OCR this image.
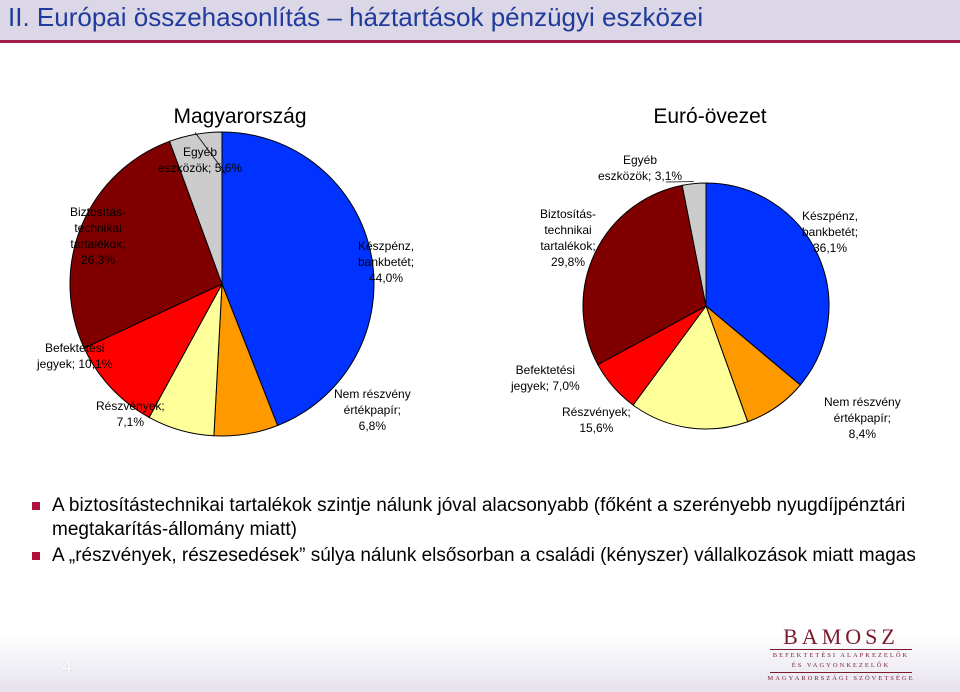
II. Európai összehasonlítás – háztartások pénzügyi eszközei
Magyarország
Készpénz,
bankbetét;
44,0%
Nem részvény
értékpapír;
6,8%
Részvények;
7,1%
Befektetési
jegyek; 10,1%
Biztosítás-
technikai
tartalékok;
26,3%
Egyéb
eszközök; 5,6%
Euró-övezet
Készpénz,
bankbetét;
36,1%
Nem részvény
értékpapír;
8,4%
Részvények;
15,6%
Befektetési
jegyek; 7,0%
Biztosítás-
technikai
tartalékok;
29,8%
Egyéb
eszközök; 3,1%
A biztosítástechnikai tartalékok szintje nálunk jóval alacsonyabb (főként a szerényebb nyugdíjpénztári megtakarítás-állomány miatt)
A „részvények, részesedések” súlya nálunk elsősorban a családi (kényszer) vállalkozások miatt magas
4
BAMOSZ
BEFEKTETÉSI ALAPKEZELŐK
ÉS VAGYONKEZELŐK
MAGYARORSZÁGI SZÖVETSÉGE
